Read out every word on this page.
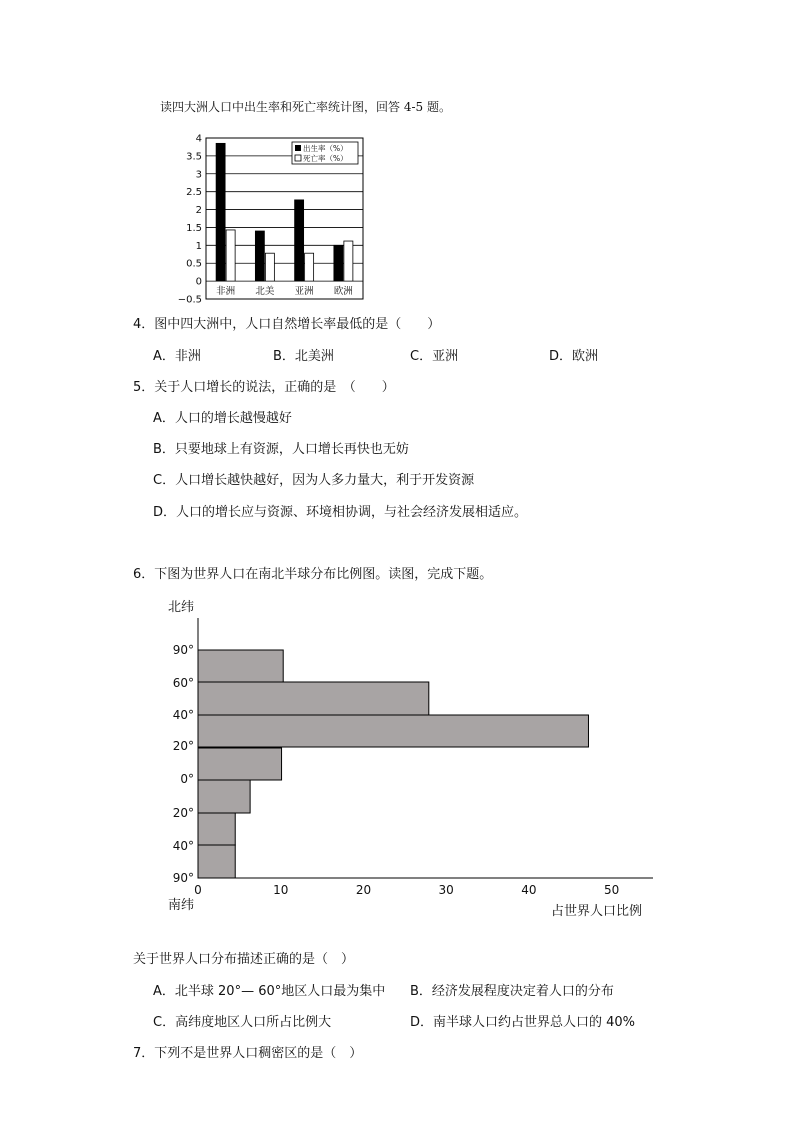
读四大洲人口中出生率和死亡率统计图，回答 4-5 题。
4
3.5
3
2.5
2
1.5
1
0.5
0
−0.5
非洲 北美 亚洲 欧洲
出生率（%）
死亡率（%）
4．图中四大洲中，人口自然增长率最低的是（　　）
A．非洲	B．北美洲	C．亚洲	D．欧洲
5．关于人口增长的说法，正确的是　（　　）
A．人口的增长越慢越好
B．只要地球上有资源，人口增长再快也无妨
C．人口增长越快越好，因为人多力量大，利于开发资源
D．人口的增长应与资源、环境相协调，与社会经济发展相适应。
6．下图为世界人口在南北半球分布比例图。读图，完成下题。
北纬
90°
60°
40°
20°
0°
20°
40°
90°
0	10	20	30	40	50
南纬	占世界人口比例
关于世界人口分布描述正确的是（　）
A．北半球 20°— 60°地区人口最为集中 B．经济发展程度决定着人口的分布
C．高纬度地区人口所占比例大	D．南半球人口约占世界总人口的 40%
7．下列不是世界人口稠密区的是（　）
